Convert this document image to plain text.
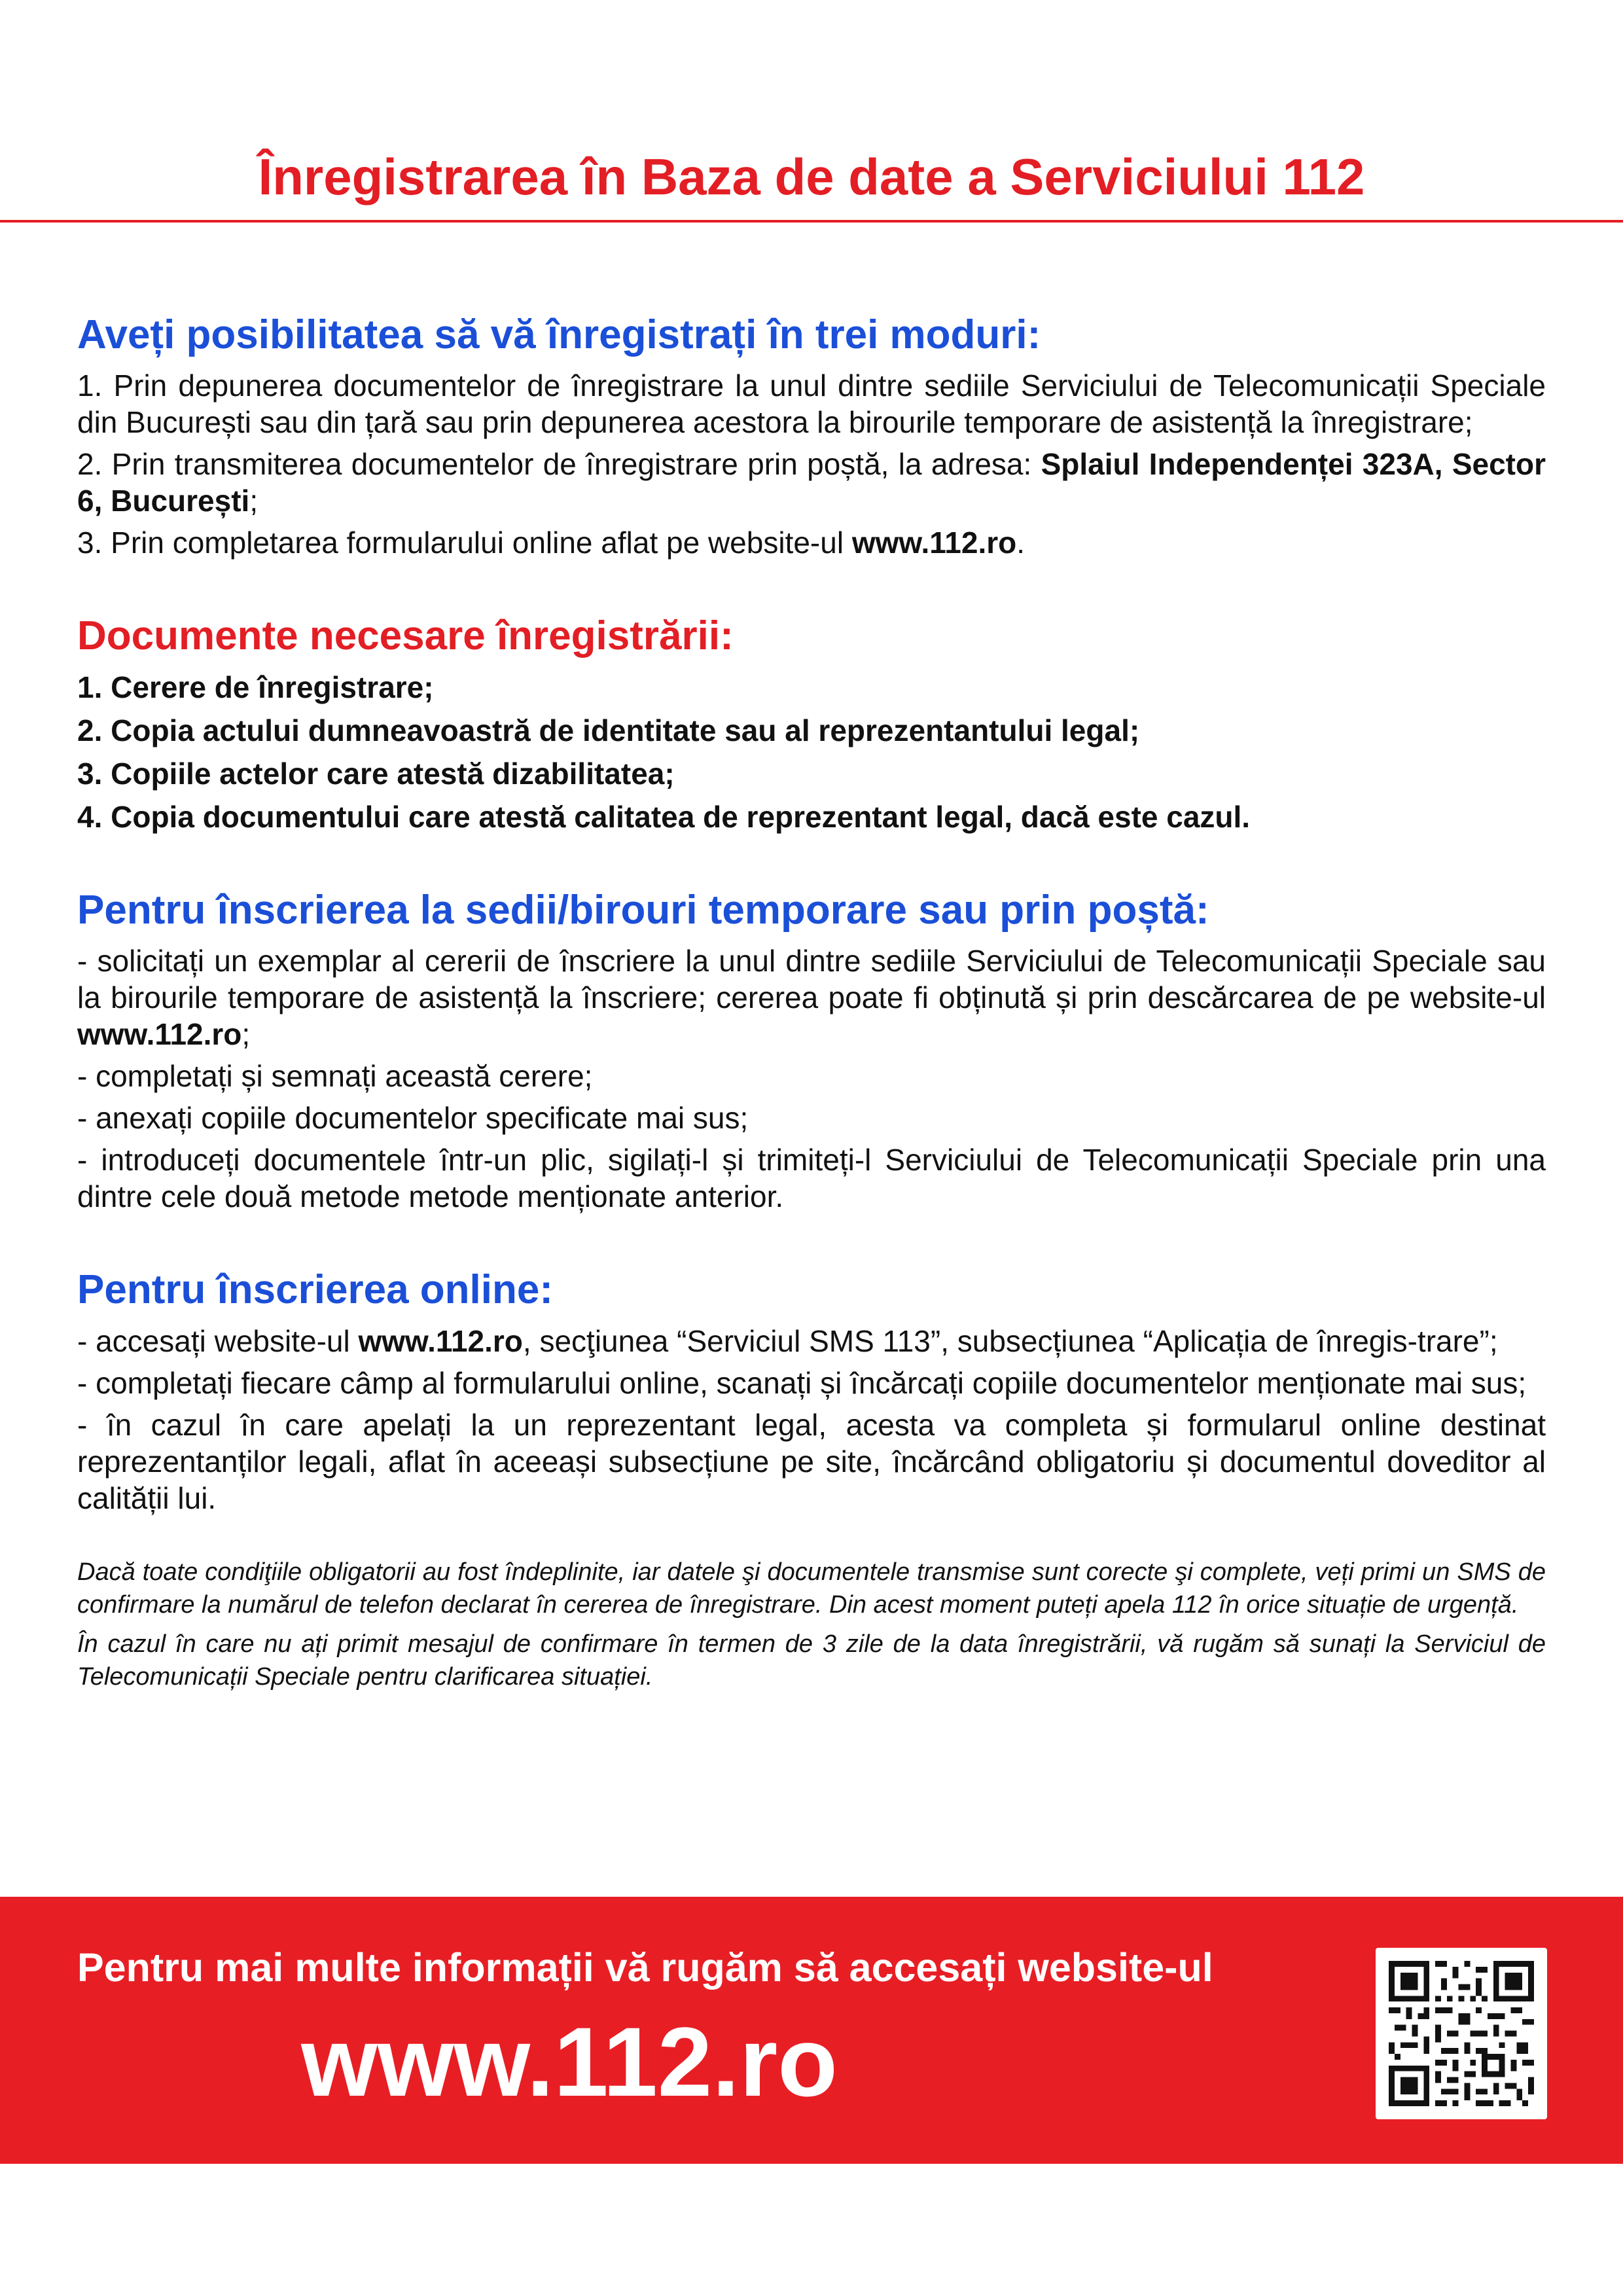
Înregistrarea în Baza de date a Serviciului 112
Aveți posibilitatea să vă înregistrați în trei moduri:

1. Prin depunerea documentelor de înregistrare la unul dintre sediile Serviciului de Telecomunicații Speciale din București sau din țară sau prin depunerea acestora la birourile temporare de asistență la înregistrare;

2. Prin transmiterea documentelor de înregistrare prin poștă, la adresa: Splaiul Independenței 323A, Sector 6, București;

3. Prin completarea formularului online aflat pe website-ul www.112.ro.

Documente necesare înregistrării:
1. Cerere de înregistrare;
2. Copia actului dumneavoastră de identitate sau al reprezentantului legal;
3. Copiile actelor care atestă dizabilitatea;
4. Copia documentului care atestă calitatea de reprezentant legal, dacă este cazul.
Pentru înscrierea la sedii/birouri temporare sau prin poștă:

- solicitați un exemplar al cererii de înscriere la unul dintre sediile Serviciului de Telecomunicații Speciale sau la birourile temporare de asistență la înscriere; cererea poate fi obținută și prin descărcarea de pe website-ul www.112.ro;

- completați și semnați această cerere;

- anexați copiile documentelor specificate mai sus;

- introduceți documentele într-un plic, sigilați-l și trimiteți-l Serviciului de Telecomunicații Speciale prin una dintre cele două metode metode menționate anterior.

Pentru înscrierea online:

- accesați website-ul www.112.ro, secţiunea “Serviciul SMS 113”, subsecțiunea “Aplicația de înregis-trare”;

- completați fiecare câmp al formularului online, scanați și încărcați copiile documentelor menționate mai sus;

- în cazul în care apelați la un reprezentant legal, acesta va completa și formularul online destinat reprezentanților legali, aflat în aceeași subsecțiune pe site, încărcând obligatoriu și documentul doveditor al calității lui.

Dacă toate condiţiile obligatorii au fost îndeplinite, iar datele şi documentele transmise sunt corecte şi complete, veți primi un SMS de confirmare la numărul de telefon declarat în cererea de înregistrare. Din acest moment puteți apela 112 în orice situație de urgență.

În cazul în care nu ați primit mesajul de confirmare în termen de 3 zile de la data înregistrării, vă rugăm să sunați la Serviciul de Telecomunicații Speciale pentru clarificarea situației.

Pentru mai multe informații vă rugăm să accesați website-ul
www.112.ro
